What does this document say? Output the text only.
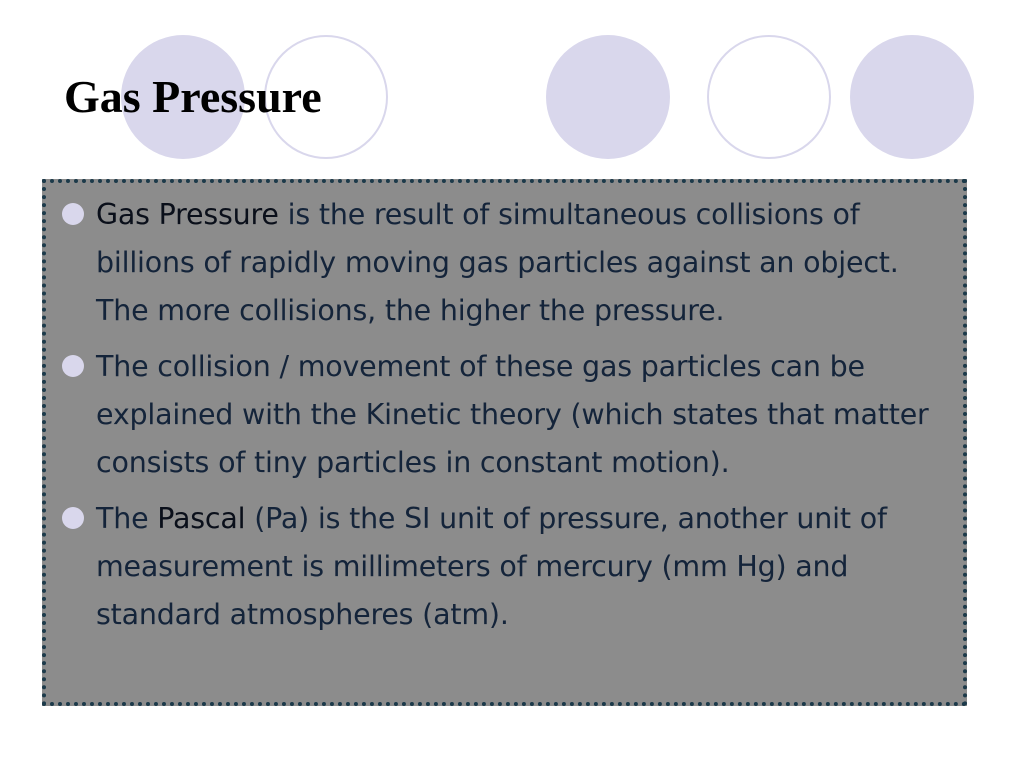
Gas Pressure
Gas Pressure is the result of simultaneous collisions of billions of rapidly moving gas particles against an object. The more collisions, the higher the pressure.
The collision / movement of these gas particles can be explained with the Kinetic theory (which states that matter consists of tiny particles in constant motion).
The Pascal (Pa) is the SI unit of pressure, another unit of measurement is millimeters of mercury (mm Hg) and standard atmospheres (atm).
